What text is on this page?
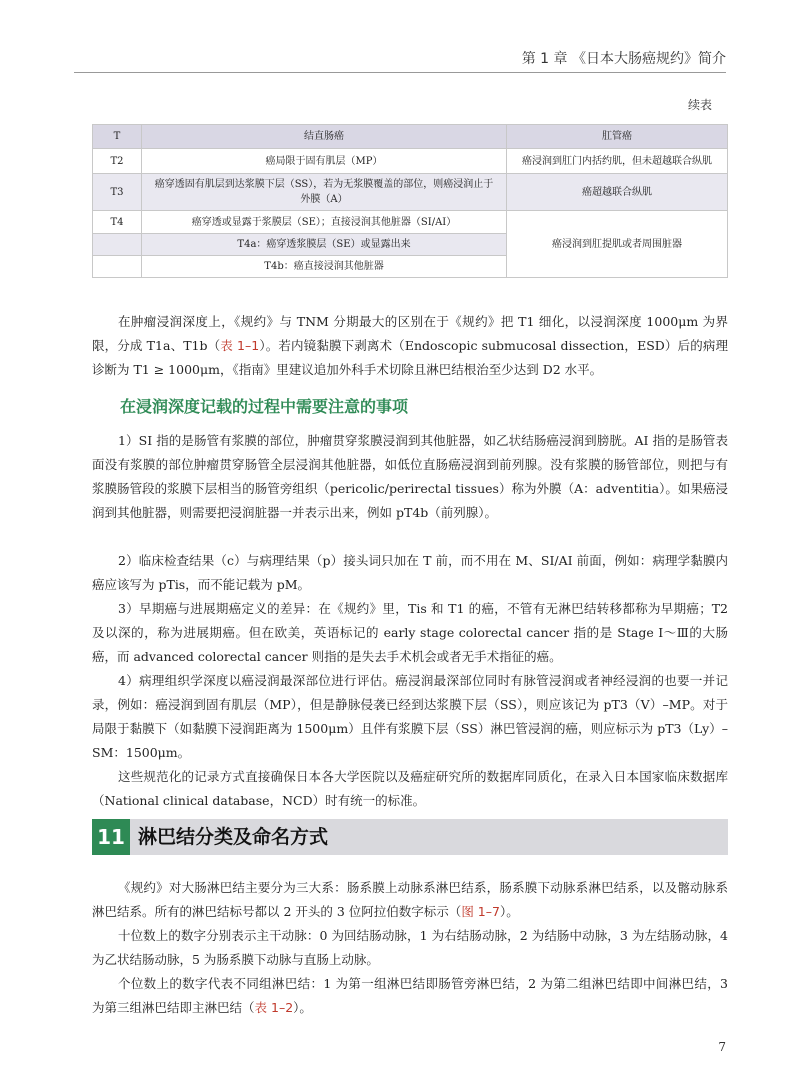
第 1 章 《日本大肠癌规约》简介
续表
T	结直肠癌	肛管癌
T2	癌局限于固有肌层（MP）	癌浸润到肛门内括约肌，但未超越联合纵肌
T3	癌穿透固有肌层到达浆膜下层（SS），若为无浆膜覆盖的部位，则癌浸润止于外膜（A）	癌超越联合纵肌
T4	癌穿透或显露于浆膜层（SE）；直接浸润其他脏器（SI/AI）	癌浸润到肛提肌或者周围脏器
	T4a：癌穿透浆膜层（SE）或显露出来	
	T4b：癌直接浸润其他脏器	

在肿瘤浸润深度上，《规约》与 TNM 分期最大的区别在于《规约》把 T1 细化，以浸润深度 1000μm 为界限，分成 T1a、T1b（表 1–1）。若内镜黏膜下剥离术（Endoscopic submucosal dissection，ESD）后的病理诊断为 T1 ≥ 1000μm，《指南》里建议追加外科手术切除且淋巴结根治至少达到 D2 水平。

在浸润深度记载的过程中需要注意的事项

1）SI 指的是肠管有浆膜的部位，肿瘤贯穿浆膜浸润到其他脏器，如乙状结肠癌浸润到膀胱。AI 指的是肠管表面没有浆膜的部位肿瘤贯穿肠管全层浸润其他脏器，如低位直肠癌浸润到前列腺。没有浆膜的肠管部位，则把与有浆膜肠管段的浆膜下层相当的肠管旁组织（pericolic/perirectal tissues）称为外膜（A：adventitia）。如果癌浸润到其他脏器，则需要把浸润脏器一并表示出来，例如 pT4b（前列腺）。

2）临床检查结果（c）与病理结果（p）接头词只加在 T 前，而不用在 M、SI/AI 前面，例如：病理学黏膜内癌应该写为 pTis，而不能记载为 pM。

3）早期癌与进展期癌定义的差异：在《规约》里，Tis 和 T1 的癌，不管有无淋巴结转移都称为早期癌；T2 及以深的，称为进展期癌。但在欧美，英语标记的 early stage colorectal cancer 指的是 Stage Ⅰ～Ⅲ的大肠癌，而 advanced colorectal cancer 则指的是失去手术机会或者无手术指征的癌。

4）病理组织学深度以癌浸润最深部位进行评估。癌浸润最深部位同时有脉管浸润或者神经浸润的也要一并记录，例如：癌浸润到固有肌层（MP），但是静脉侵袭已经到达浆膜下层（SS），则应该记为 pT3（V）–MP。对于局限于黏膜下（如黏膜下浸润距离为 1500μm）且伴有浆膜下层（SS）淋巴管浸润的癌，则应标示为 pT3（Ly）–SM：1500μm。

这些规范化的记录方式直接确保日本各大学医院以及癌症研究所的数据库同质化，在录入日本国家临床数据库（National clinical database，NCD）时有统一的标准。

11 淋巴结分类及命名方式

《规约》对大肠淋巴结主要分为三大系：肠系膜上动脉系淋巴结系，肠系膜下动脉系淋巴结系，以及髂动脉系淋巴结系。所有的淋巴结标号都以 2 开头的 3 位阿拉伯数字标示（图 1–7）。

十位数上的数字分别表示主干动脉：0 为回结肠动脉，1 为右结肠动脉，2 为结肠中动脉，3 为左结肠动脉，4 为乙状结肠动脉，5 为肠系膜下动脉与直肠上动脉。

个位数上的数字代表不同组淋巴结：1 为第一组淋巴结即肠管旁淋巴结，2 为第二组淋巴结即中间淋巴结，3 为第三组淋巴结即主淋巴结（表 1–2）。

7
